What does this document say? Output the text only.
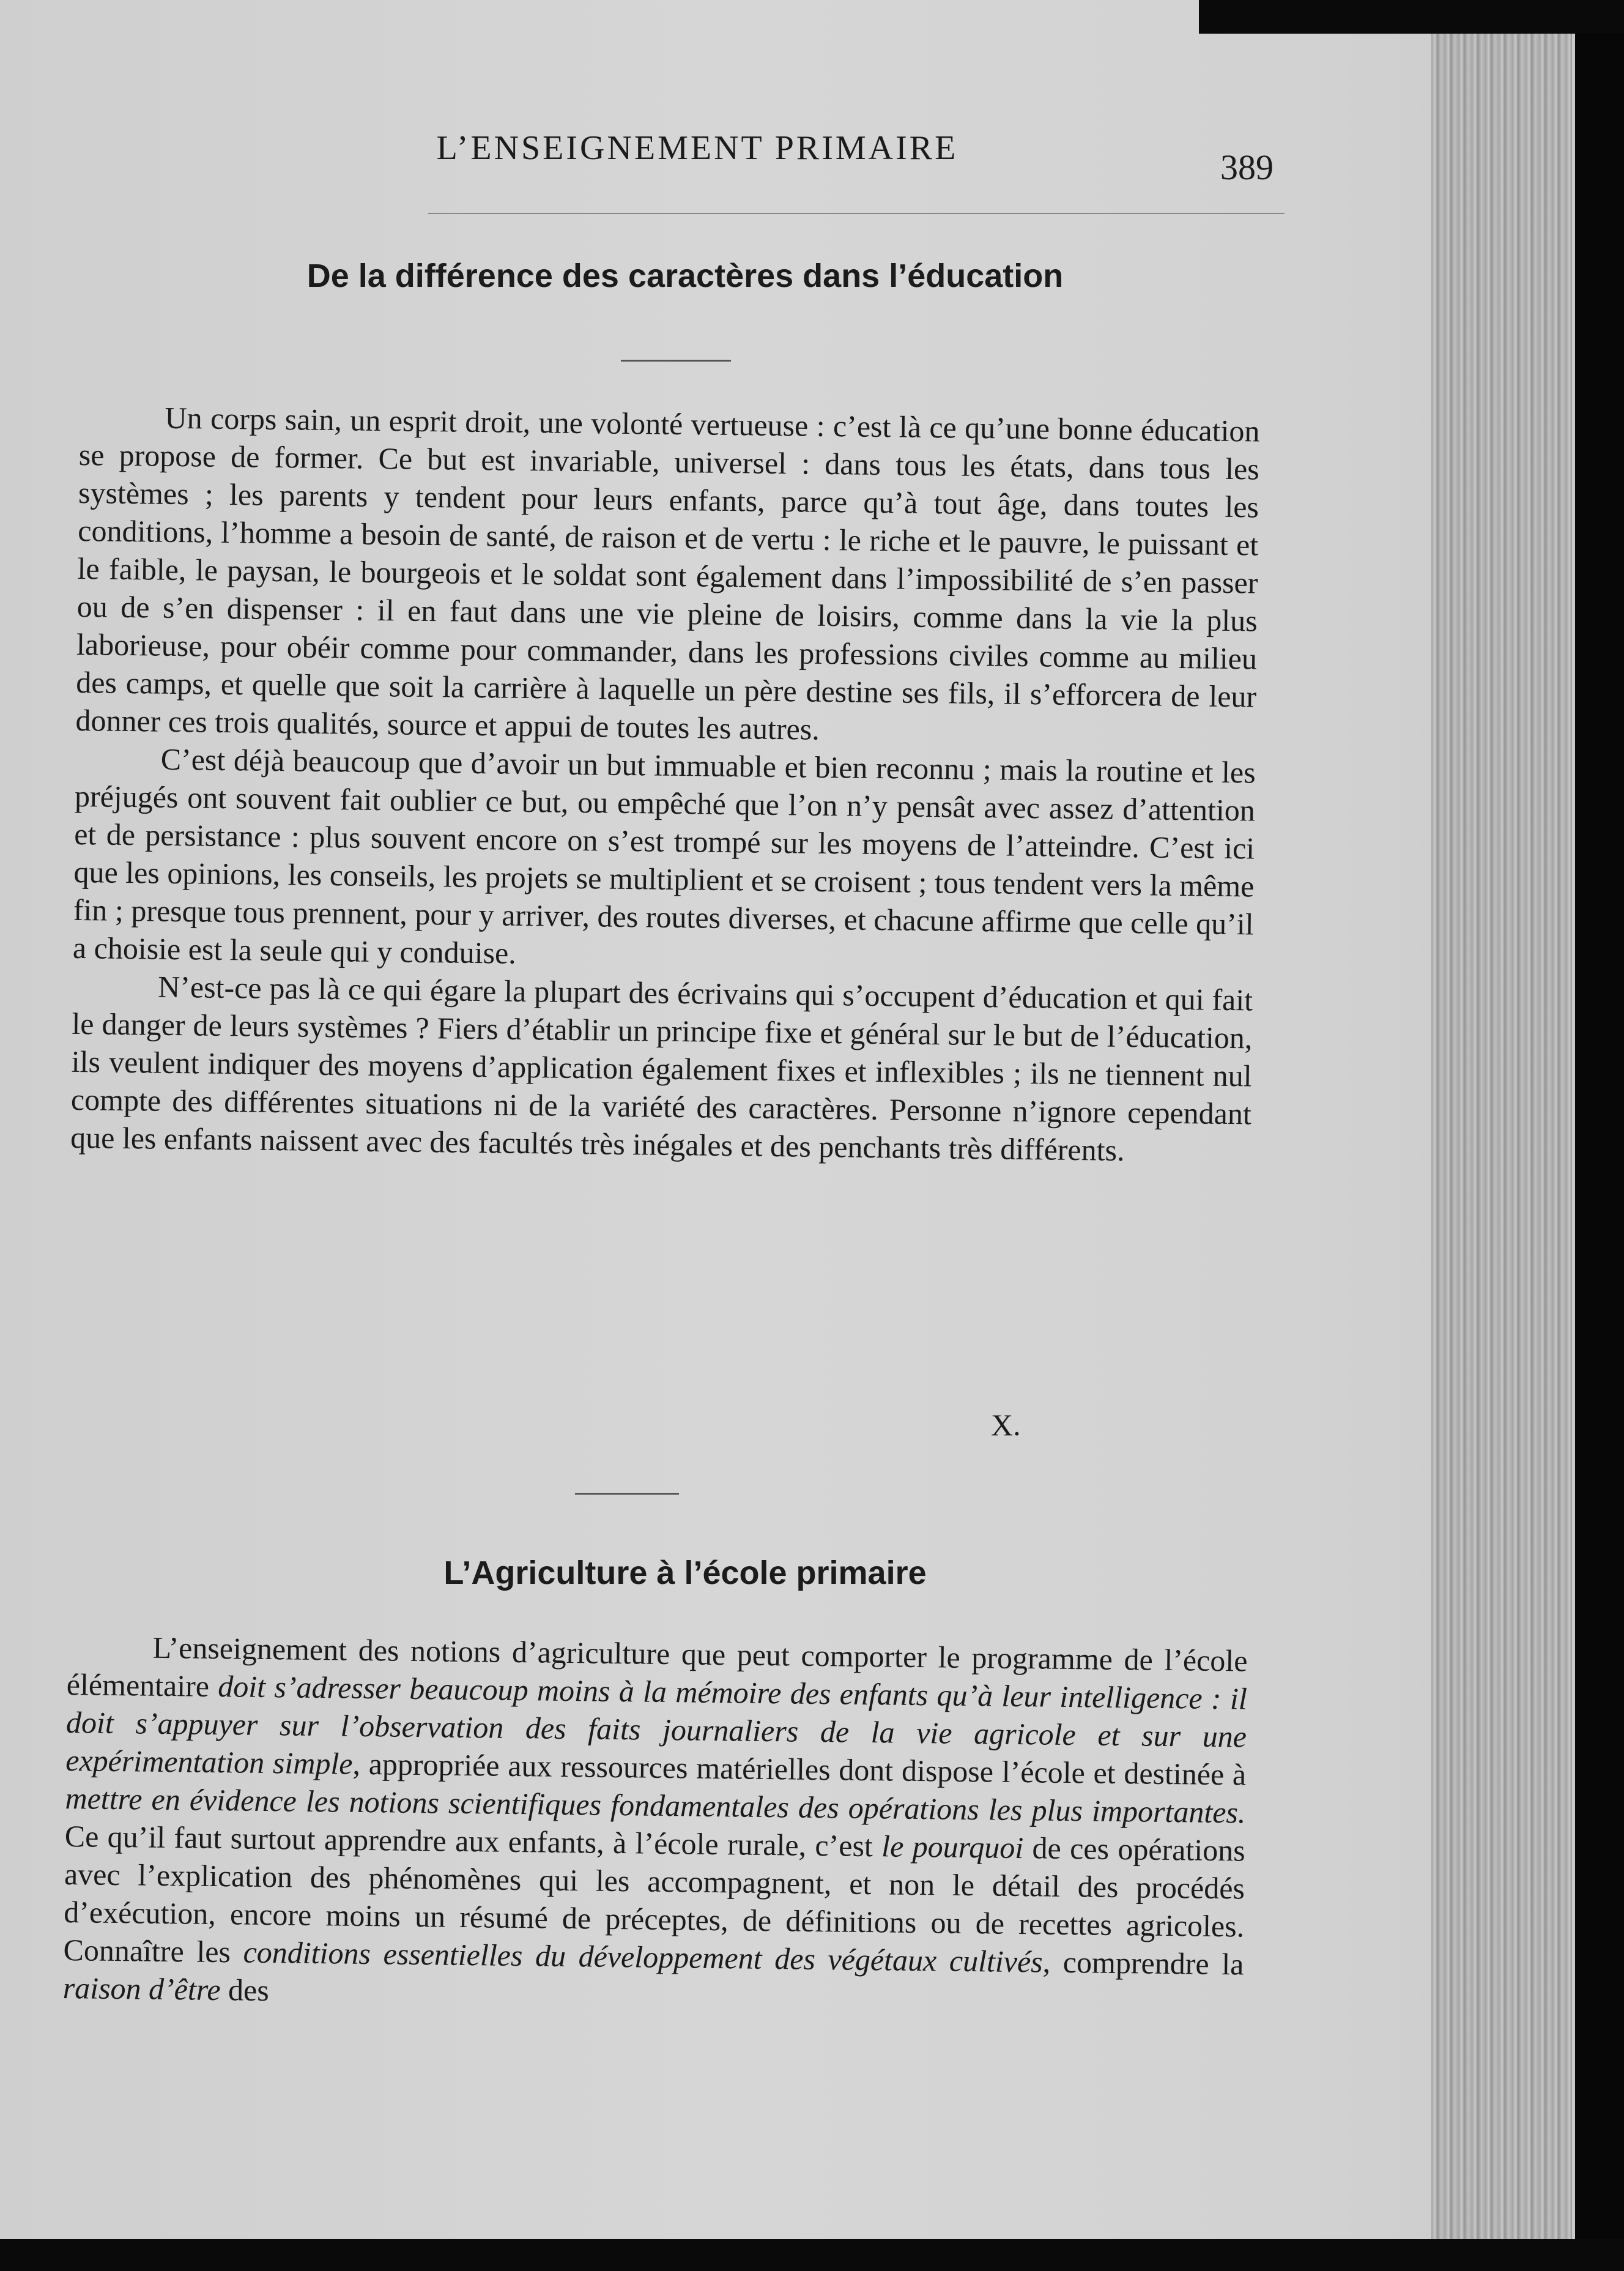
L’ENSEIGNEMENT PRIMAIRE	389
De la différence des caractères dans l’éducation

Un corps sain, un esprit droit, une volonté vertueuse : c’est là ce qu’une bonne éducation se propose de former. Ce but est invariable, universel : dans tous les états, dans tous les systèmes ; les parents y tendent pour leurs enfants, parce qu’à tout âge, dans toutes les conditions, l’homme a besoin de santé, de raison et de vertu : le riche et le pauvre, le puissant et le faible, le paysan, le bourgeois et le soldat sont également dans l’impossibilité de s’en passer ou de s’en dispenser : il en faut dans une vie pleine de loisirs, comme dans la vie la plus laborieuse, pour obéir comme pour commander, dans les professions civiles comme au milieu des camps, et quelle que soit la carrière à laquelle un père destine ses fils, il s’efforcera de leur donner ces trois qualités, source et appui de toutes les autres.

C’est déjà beaucoup que d’avoir un but immuable et bien reconnu ; mais la routine et les préjugés ont souvent fait oublier ce but, ou empêché que l’on n’y pensât avec assez d’attention et de persistance : plus souvent encore on s’est trompé sur les moyens de l’atteindre. C’est ici que les opinions, les conseils, les projets se multiplient et se croisent ; tous tendent vers la même fin ; presque tous prennent, pour y arriver, des routes diverses, et chacune affirme que celle qu’il a choisie est la seule qui y conduise.

N’est-ce pas là ce qui égare la plupart des écrivains qui s’occupent d’éducation et qui fait le danger de leurs systèmes ? Fiers d’établir un principe fixe et général sur le but de l’éducation, ils veulent indiquer des moyens d’application également fixes et inflexibles ; ils ne tiennent nul compte des différentes situations ni de la variété des caractères. Personne n’ignore cependant que les enfants naissent avec des facultés très inégales et des penchants très différents.

X.
L’Agriculture à l’école primaire

L’enseignement des notions d’agriculture que peut comporter le programme de l’école élémentaire doit s’adresser beaucoup moins à la mémoire des enfants qu’à leur intelligence : il doit s’appuyer sur l’observation des faits journaliers de la vie agricole et sur une expérimentation simple, appropriée aux ressources matérielles dont dispose l’école et destinée à mettre en évidence les notions scientifiques fondamentales des opérations les plus importantes. Ce qu’il faut surtout apprendre aux enfants, à l’école rurale, c’est le pourquoi de ces opérations avec l’explication des phénomènes qui les accompagnent, et non le détail des procédés d’exécution, encore moins un résumé de préceptes, de définitions ou de recettes agricoles. Connaître les conditions essentielles du développement des végétaux cultivés, comprendre la raison d’être des
